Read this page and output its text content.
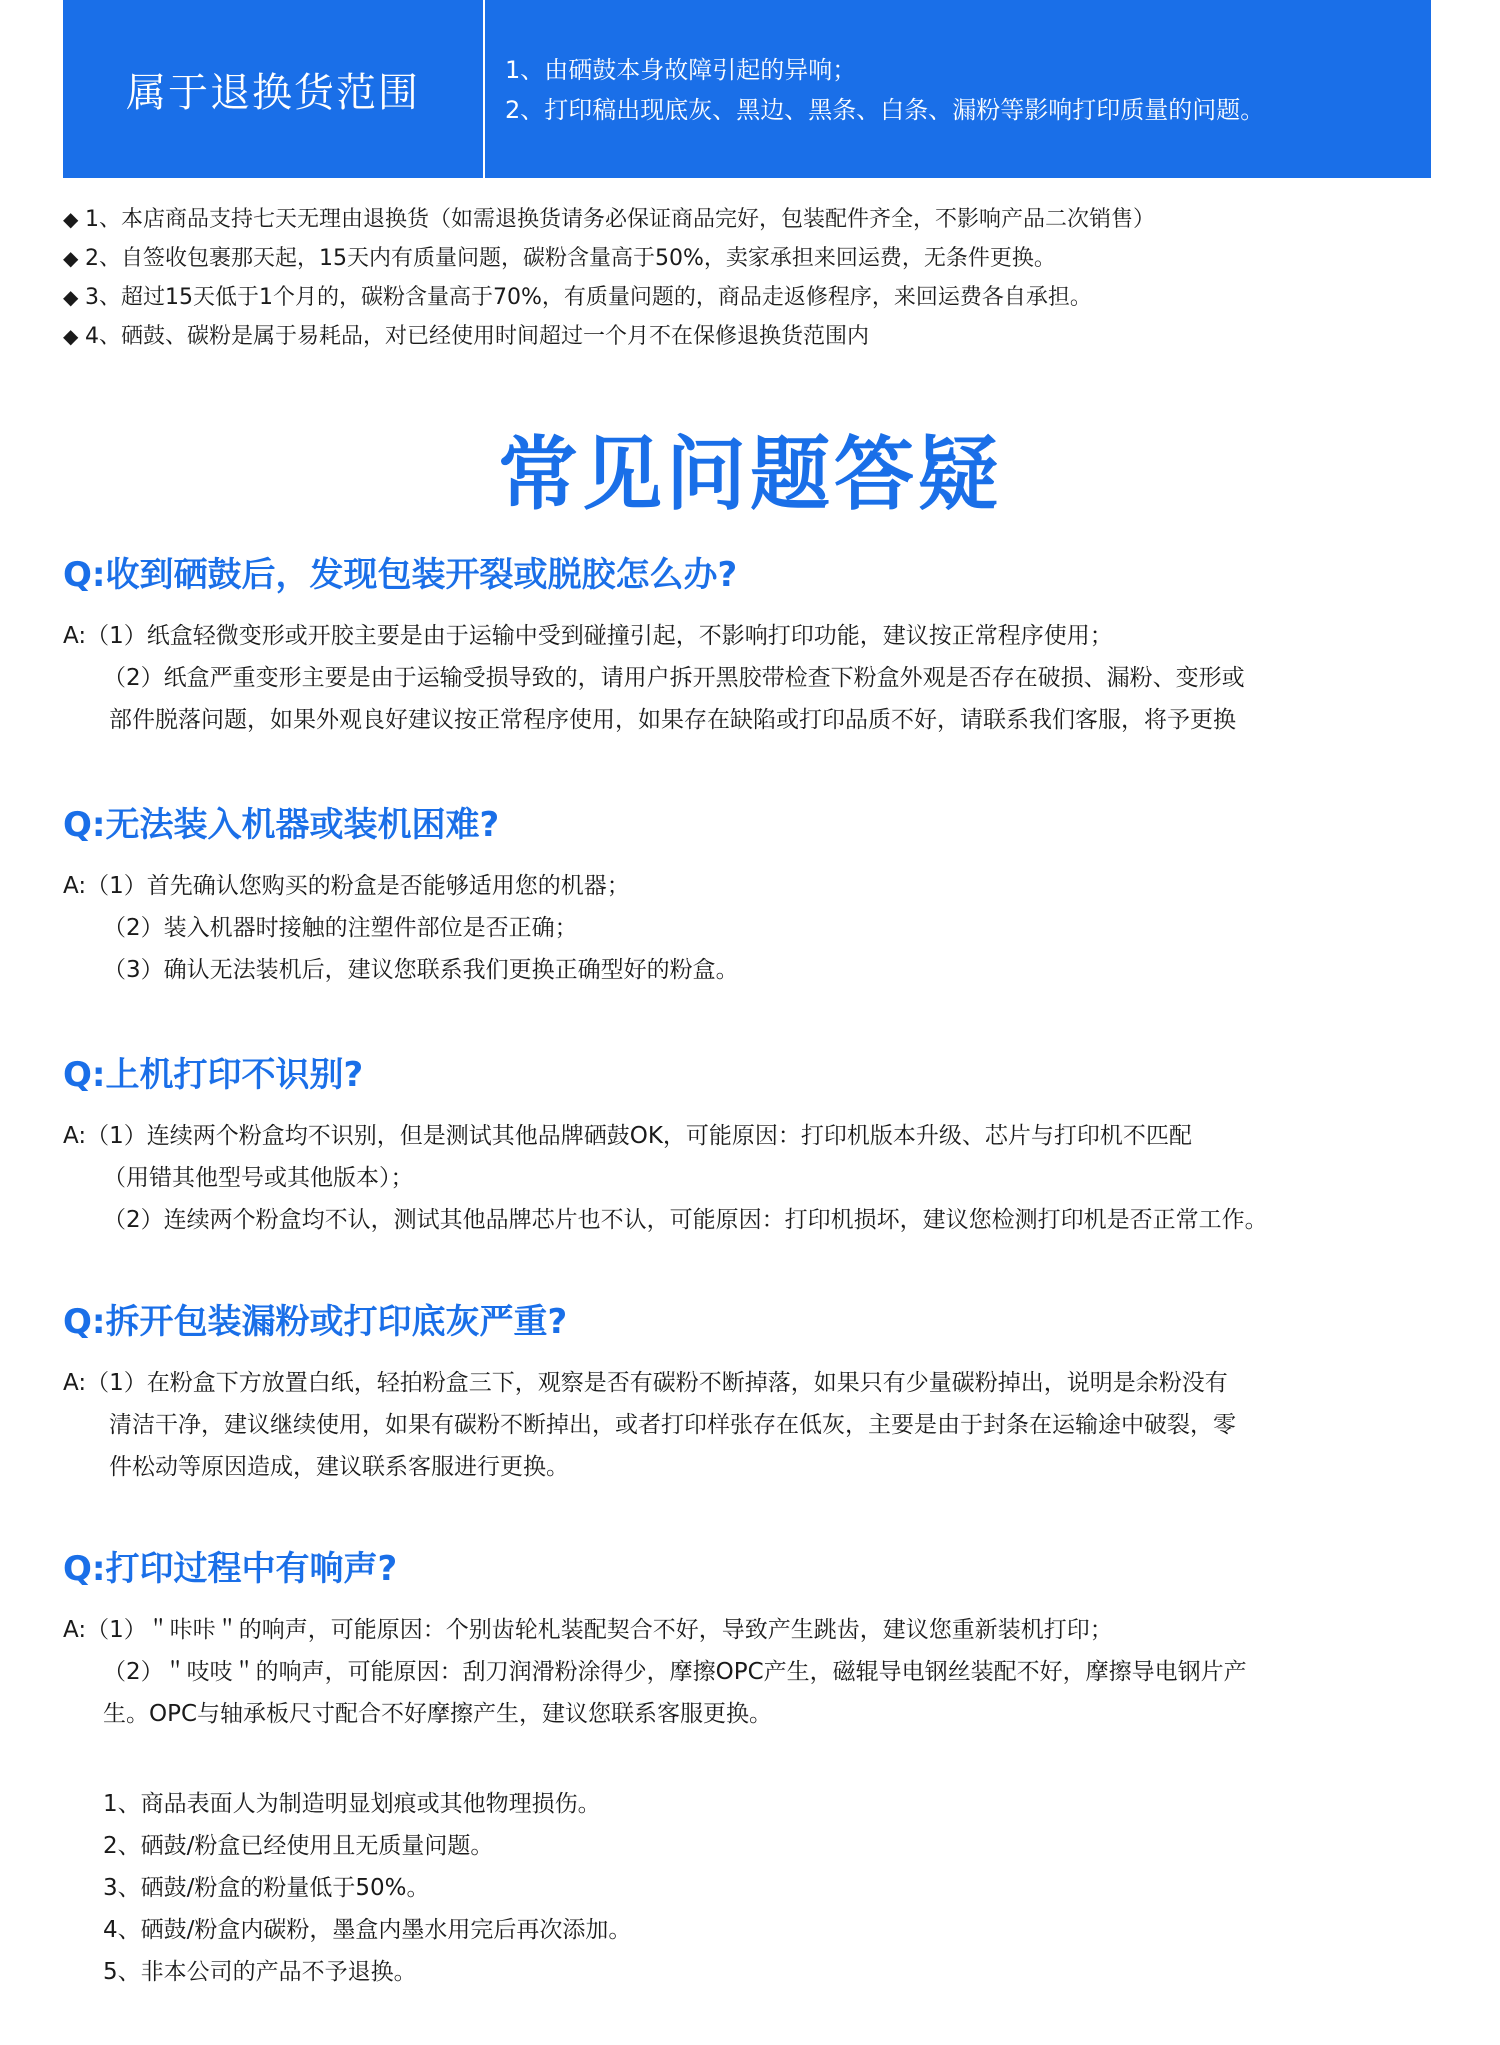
属于退换货范围	1、由硒鼓本身故障引起的异响；
2、打印稿出现底灰、黑边、黑条、白条、漏粉等影响打印质量的问题。
◆ 1、本店商品支持七天无理由退换货（如需退换货请务必保证商品完好，包装配件齐全，不影响产品二次销售）
◆ 2、自签收包裹那天起，15天内有质量问题，碳粉含量高于50%，卖家承担来回运费，无条件更换。
◆ 3、超过15天低于1个月的，碳粉含量高于70%，有质量问题的，商品走返修程序，来回运费各自承担。
◆ 4、硒鼓、碳粉是属于易耗品，对已经使用时间超过一个月不在保修退换货范围内
常见问题答疑
Q:收到硒鼓后，发现包装开裂或脱胶怎么办?
A:（1）纸盒轻微变形或开胶主要是由于运输中受到碰撞引起，不影响打印功能，建议按正常程序使用；
（2）纸盒严重变形主要是由于运输受损导致的，请用户拆开黑胶带检查下粉盒外观是否存在破损、漏粉、变形或
部件脱落问题，如果外观良好建议按正常程序使用，如果存在缺陷或打印品质不好，请联系我们客服，将予更换
Q:无法装入机器或装机困难?
A:（1）首先确认您购买的粉盒是否能够适用您的机器；
（2）装入机器时接触的注塑件部位是否正确；
（3）确认无法装机后，建议您联系我们更换正确型好的粉盒。
Q:上机打印不识别?
A:（1）连续两个粉盒均不识别，但是测试其他品牌硒鼓OK，可能原因：打印机版本升级、芯片与打印机不匹配
（用错其他型号或其他版本）；
（2）连续两个粉盒均不认，测试其他品牌芯片也不认，可能原因：打印机损坏，建议您检测打印机是否正常工作。
Q:拆开包装漏粉或打印底灰严重?
A:（1）在粉盒下方放置白纸，轻拍粉盒三下，观察是否有碳粉不断掉落，如果只有少量碳粉掉出，说明是余粉没有
清洁干净，建议继续使用，如果有碳粉不断掉出，或者打印样张存在低灰，主要是由于封条在运输途中破裂，零
件松动等原因造成，建议联系客服进行更换。
Q:打印过程中有响声?
A:（1）＂咔咔＂的响声，可能原因：个别齿轮札装配契合不好，导致产生跳齿，建议您重新装机打印；
（2）＂吱吱＂的响声，可能原因：刮刀润滑粉涂得少，摩擦OPC产生，磁辊导电钢丝装配不好，摩擦导电钢片产
生。OPC与轴承板尺寸配合不好摩擦产生，建议您联系客服更换。
1、商品表面人为制造明显划痕或其他物理损伤。
2、硒鼓/粉盒已经使用且无质量问题。
3、硒鼓/粉盒的粉量低于50%。
4、硒鼓/粉盒内碳粉，墨盒内墨水用完后再次添加。
5、非本公司的产品不予退换。
